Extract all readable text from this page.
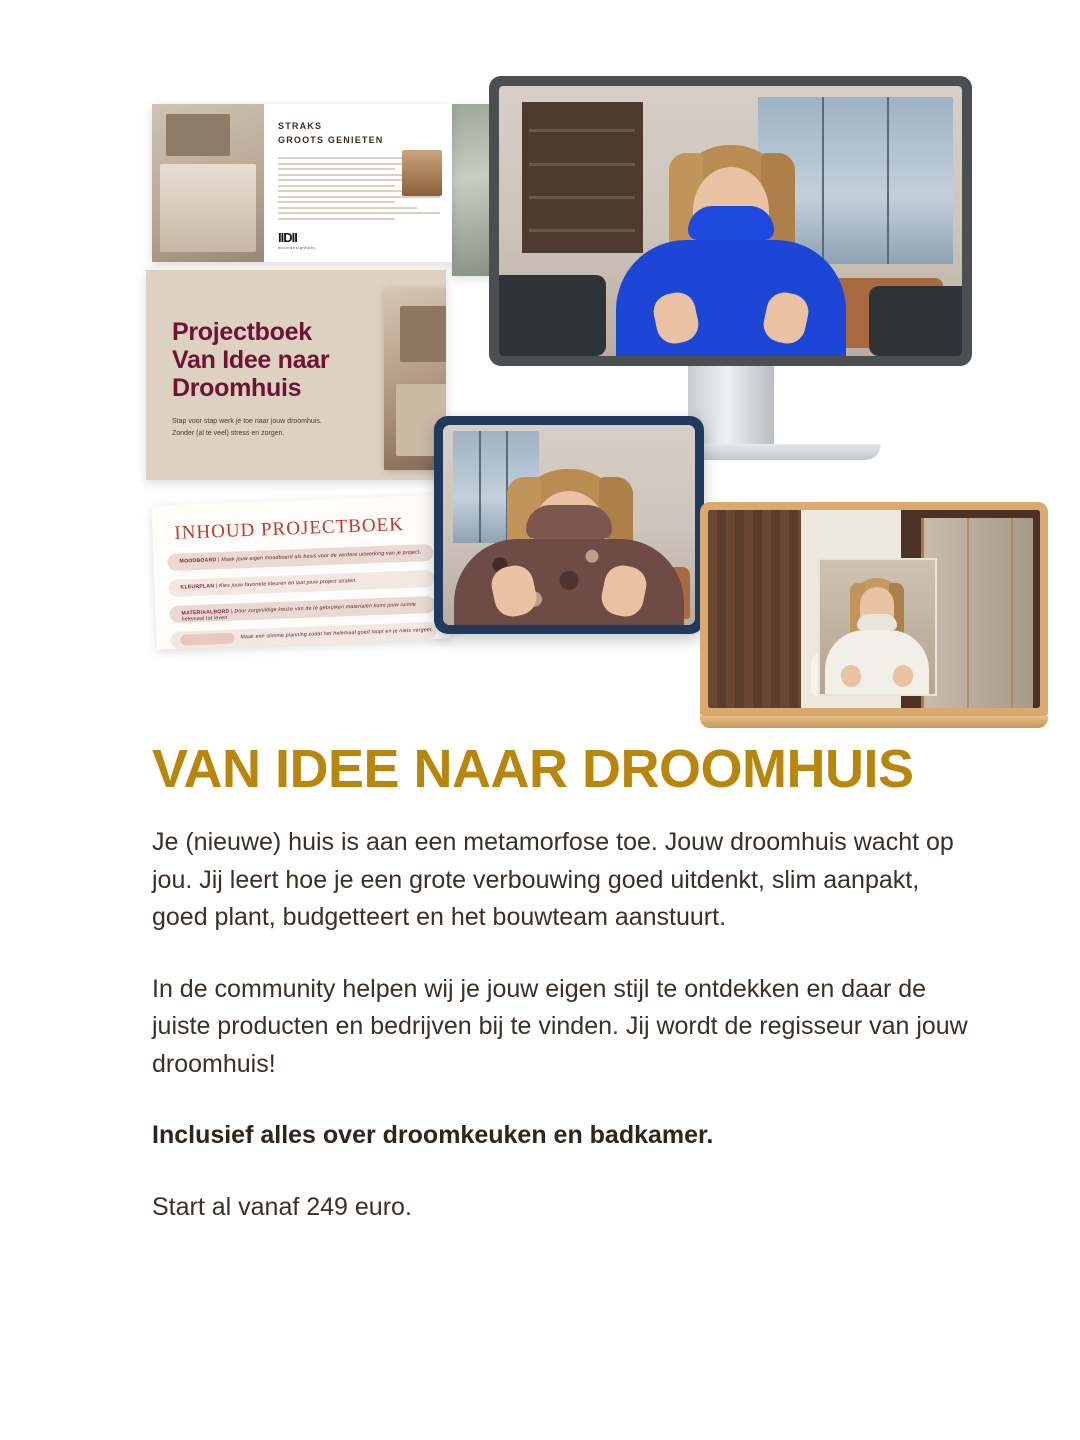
STRAKS
GROOTS GENIETEN
IIDII
woondesignhuis
Projectboek
Van Idee naar
Droomhuis
Stap voor stap werk je toe naar jouw droomhuis.
Zonder (al te veel) stress en zorgen.
INHOUD PROJECTBOEK
MOODBOARD | Maak jouw eigen moodboard als basis voor de verdere uitwerking van je project.
KLEURPLAN | Kies jouw favoriete kleuren en laat jouw project stralen.
MATERIAALBORD | Door zorgvuldige keuze van de te gebruiken materialen komt jouw ruimte helemaal tot leven.
Maak een slimme planning zodat het helemaal goed loopt en je niets vergeet.
VAN IDEE NAAR DROOMHUIS

Je (nieuwe) huis is aan een metamorfose toe. Jouw droomhuis wacht op jou. Jij leert hoe je een grote verbouwing goed uitdenkt, slim aanpakt, goed plant, budgetteert en het bouwteam aanstuurt.

In de community helpen wij je jouw eigen stijl te ontdekken en daar de juiste producten en bedrijven bij te vinden. Jij wordt de regisseur van jouw droomhuis!

Inclusief alles over droomkeuken en badkamer.

Start al vanaf 249 euro.
